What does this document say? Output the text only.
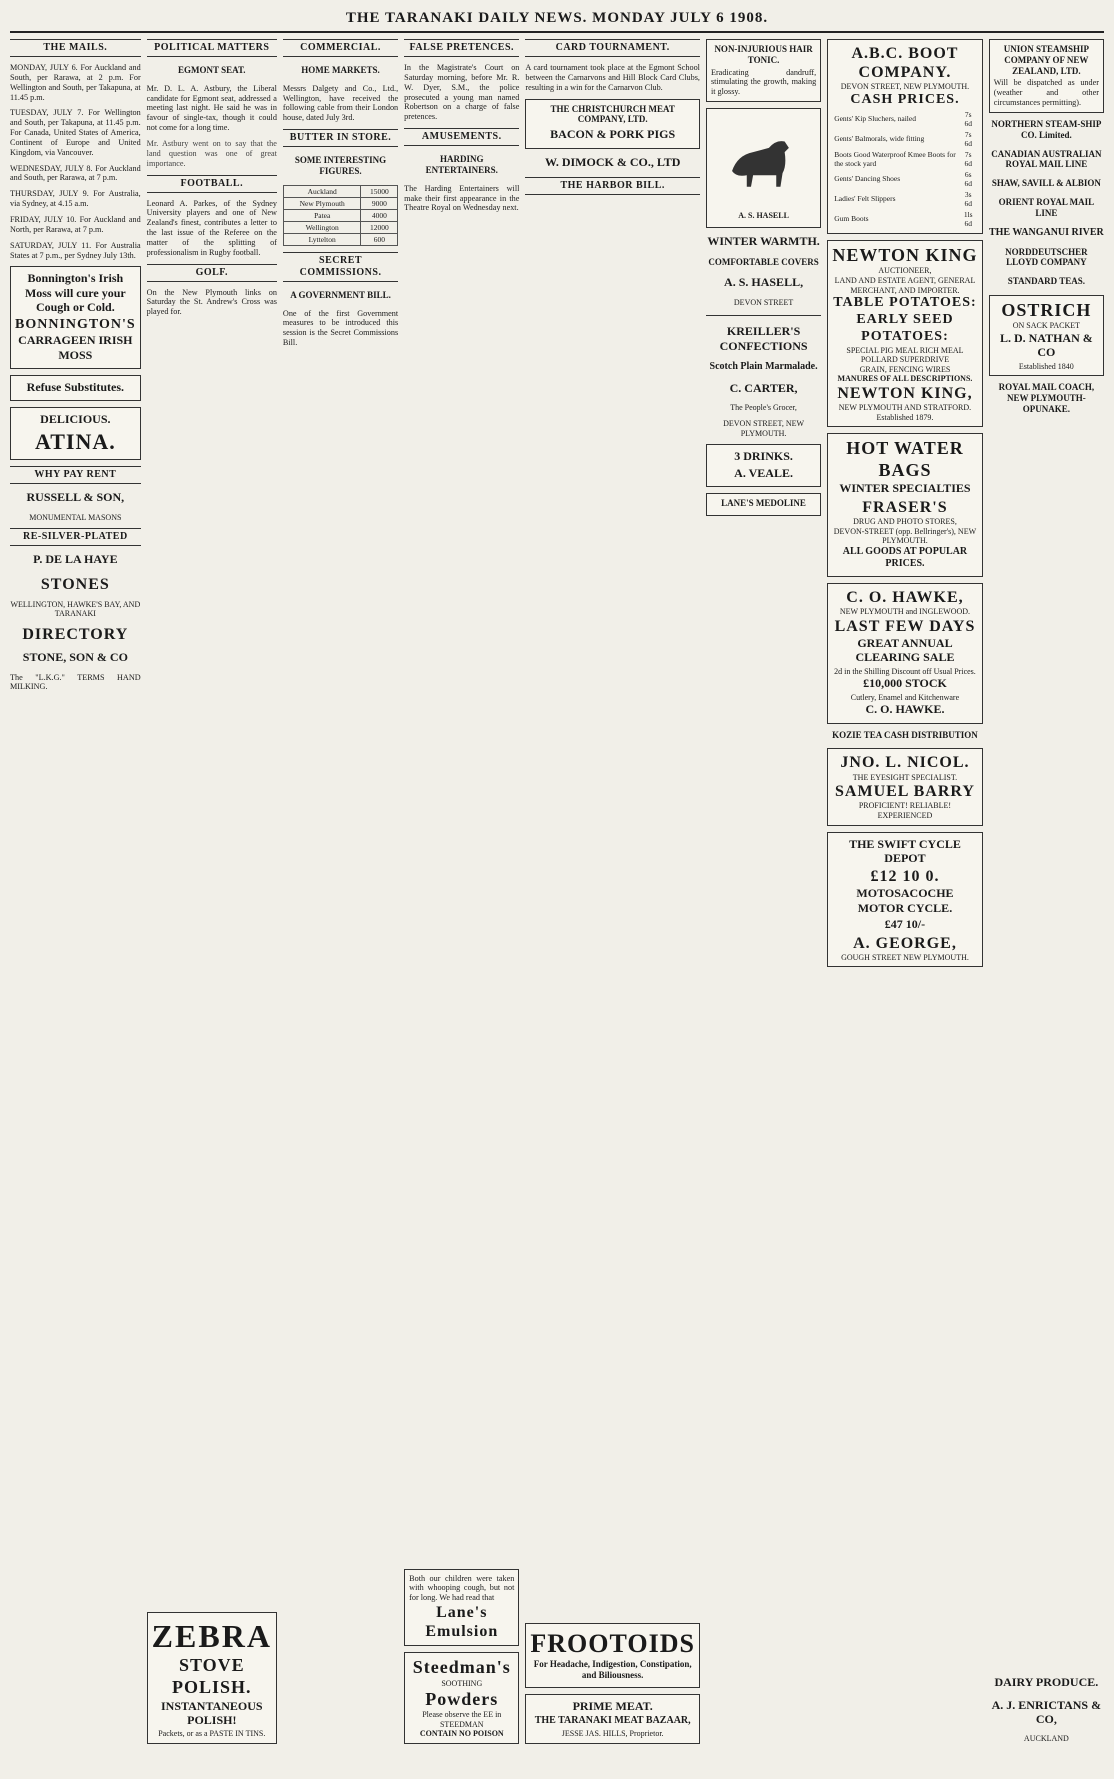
THE TARANAKI DAILY NEWS. MONDAY JULY 6 1908.
THE MAILS.

MONDAY, JULY 6. For Auckland and South, per Rarawa, at 2 p.m. For Wellington and South, per Takapuna, at 11.45 p.m.

TUESDAY, JULY 7. For Wellington and South, per Takapuna, at 11.45 p.m. For Canada, United States of America, Continent of Europe and United Kingdom, via Vancouver.

WEDNESDAY, JULY 8. For Auckland and South, per Rarawa, at 7 p.m.

THURSDAY, JULY 9. For Australia, via Sydney, at 4.15 a.m.

FRIDAY, JULY 10. For Auckland and North, per Rarawa, at 7 p.m.

SATURDAY, JULY 11. For Australia States at 7 p.m., per Sydney July 13th.

Bonnington's Irish Moss will cure your Cough or Cold.
BONNINGTON'S
CARRAGEEN IRISH MOSS
Refuse Substitutes.
DELICIOUS.
ATINA.
WHY PAY RENT
RUSSELL & SON,
MONUMENTAL MASONS
RE-SILVER-PLATED
P. DE LA HAYE
STONES
WELLINGTON, HAWKE'S BAY, AND TARANAKI
DIRECTORY
STONE, SON & CO

The "L.K.G." TERMS HAND MILKING.

POLITICAL MATTERS
EGMONT SEAT.

Mr. D. L. A. Astbury, the Liberal candidate for Egmont seat, addressed a meeting last night. He said he was in favour of single-tax, though it could not come for a long time.

Mr. Astbury went on to say that the land question was one of great importance.

FOOTBALL.

Leonard A. Parkes, of the Sydney University players and one of New Zealand's finest, contributes a letter to the last issue of the Referee on the matter of the splitting of professionalism in Rugby football.

GOLF.

On the New Plymouth links on Saturday the St. Andrew's Cross was played for.

ZEBRA
STOVE POLISH.
INSTANTANEOUS POLISH!
Packets, or as a PASTE IN TINS.
COMMERCIAL.
HOME MARKETS.

Messrs Dalgety and Co., Ltd., Wellington, have received the following cable from their London house, dated July 3rd.

BUTTER IN STORE.
SOME INTERESTING FIGURES.
Auckland	15000
New Plymouth	9000
Patea	4000
Wellington	12000
Lyttelton	600
SECRET COMMISSIONS.
A GOVERNMENT BILL.

One of the first Government measures to be introduced this session is the Secret Commissions Bill.

FALSE PRETENCES.

In the Magistrate's Court on Saturday morning, before Mr. R. W. Dyer, S.M., the police prosecuted a young man named Robertson on a charge of false pretences.

AMUSEMENTS.
HARDING ENTERTAINERS.

The Harding Entertainers will make their first appearance in the Theatre Royal on Wednesday next.

Both our children were taken with whooping cough, but not for long. We had read that

Lane's Emulsion
Steedman's
SOOTHING
Powders
Please observe the EE in STEEDMAN
CONTAIN NO POISON
CARD TOURNAMENT.

A card tournament took place at the Egmont School between the Carnarvons and Hill Block Card Clubs, resulting in a win for the Carnarvon Club.

THE CHRISTCHURCH MEAT COMPANY, LTD.
BACON & PORK PIGS
W. DIMOCK & CO., LTD
THE HARBOR BILL.
FROOTOIDS
For Headache, Indigestion, Constipation, and Biliousness.
PRIME MEAT.
THE TARANAKI MEAT BAZAAR,
JESSE JAS. HILLS, Proprietor.
NON-INJURIOUS HAIR TONIC.

Eradicating dandruff, stimulating the growth, making it glossy.

A. S. HASELL
WINTER WARMTH.
COMFORTABLE COVERS
A. S. HASELL,
DEVON STREET
KREILLER'S CONFECTIONS
Scotch Plain Marmalade.
C. CARTER,
The People's Grocer,
DEVON STREET, NEW PLYMOUTH.
3 DRINKS.
A. VEALE.
LANE'S MEDOLINE
A.B.C. BOOT COMPANY.
DEVON STREET, NEW PLYMOUTH.
CASH PRICES.
Gents' Kip Sluchers, nailed	7s 6d
Gents' Balmorals, wide fitting	7s 6d
Boots Good Waterproof Kmee Boots for the stock yard	7s 6d
Gents' Dancing Shoes	6s 6d
Ladies' Felt Slippers	3s 6d
Gum Boots	1ls 6d
NEWTON KING
AUCTIONEER,
LAND AND ESTATE AGENT, GENERAL MERCHANT, AND IMPORTER.
TABLE POTATOES:
EARLY SEED POTATOES:
SPECIAL PIG MEAL RICH MEAL POLLARD SUPERDRIVE
GRAIN, FENCING WIRES
MANURES OF ALL DESCRIPTIONS.
NEWTON KING,
NEW PLYMOUTH AND STRATFORD.
Established 1879.
HOT WATER BAGS
WINTER SPECIALTIES
FRASER'S
DRUG AND PHOTO STORES,
DEVON-STREET (opp. Bellringer's), NEW PLYMOUTH.
ALL GOODS AT POPULAR PRICES.
C. O. HAWKE,
NEW PLYMOUTH and INGLEWOOD.
LAST FEW DAYS
GREAT ANNUAL CLEARING SALE
2d in the Shilling Discount off Usual Prices.
£10,000 STOCK
Cutlery, Enamel and Kitchenware
C. O. HAWKE.
KOZIE TEA CASH DISTRIBUTION
JNO. L. NICOL.
THE EYESIGHT SPECIALIST.
SAMUEL BARRY
PROFICIENT! RELIABLE! EXPERIENCED
THE SWIFT CYCLE DEPOT
£12 10 0.
MOTOSACOCHE MOTOR CYCLE.
£47 10/-
A. GEORGE,
GOUGH STREET NEW PLYMOUTH.
UNION STEAMSHIP COMPANY OF NEW ZEALAND, LTD.

Will be dispatched as under (weather and other circumstances permitting).

NORTHERN STEAM-SHIP CO. Limited.
CANADIAN AUSTRALIAN ROYAL MAIL LINE
SHAW, SAVILL & ALBION
ORIENT ROYAL MAIL LINE
THE WANGANUI RIVER
NORDDEUTSCHER LLOYD COMPANY
STANDARD TEAS.
OSTRICH
ON SACK PACKET
L. D. NATHAN & CO
Established 1840
ROYAL MAIL COACH, NEW PLYMOUTH-OPUNAKE.
DAIRY PRODUCE.
A. J. ENRICTANS & CO,
AUCKLAND
